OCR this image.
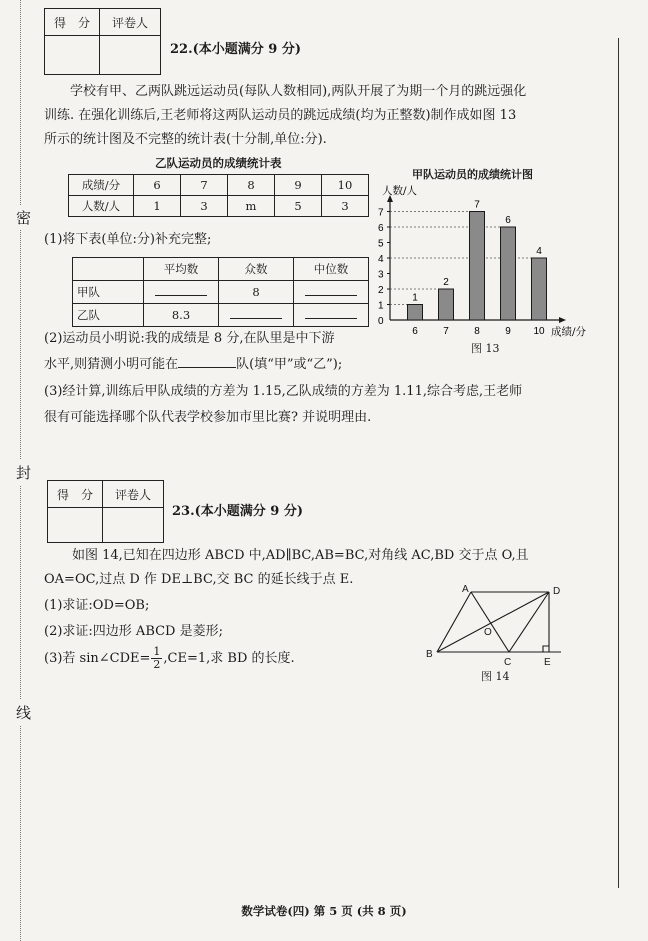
密
封
线
得　分	评卷人

22.(本小题满分 9 分)
学校有甲、乙两队跳远运动员(每队人数相同),两队开展了为期一个月的跳远强化
训练. 在强化训练后,王老师将这两队运动员的跳远成绩(均为正整数)制作成如图 13
所示的统计图及不完整的统计表(十分制,单位:分).
乙队运动员的成绩统计表
成绩/分	6	7	8	9	10
人数/人	1	3	m	5	3
(1)将下表(单位:分)补充完整;
	平均数	众数	中位数
甲队		8	
乙队	8.3		
甲队运动员的成绩统计图
1
2
3
4
5
6
7
0
人数/人
成绩/分
1
6
2
7
7
8
6
9
4
10
图 13
(2)运动员小明说:我的成绩是 8 分,在队里是中下游
水平,则猜测小明可能在	队(填“甲”或“乙”);
(3)经计算,训练后甲队成绩的方差为 1.15,乙队成绩的方差为 1.11,综合考虑,王老师
很有可能选择哪个队代表学校参加市里比赛? 并说明理由.
得　分	评卷人

23.(本小题满分 9 分)
如图 14,已知在四边形 ABCD 中,AD∥BC,AB=BC,对角线 AC,BD 交于点 O,且
OA=OC,过点 D 作 DE⊥BC,交 BC 的延长线于点 E.
(1)求证:OD=OB;
(2)求证:四边形 ABCD 是菱形;
(3)若 sin∠CDE= $\frac{1}{2} ,CE=1$,求 BD 的长度.
A	D
B
C	E
O
图 14
数学试卷(四) 第 5 页 (共 8 页)
